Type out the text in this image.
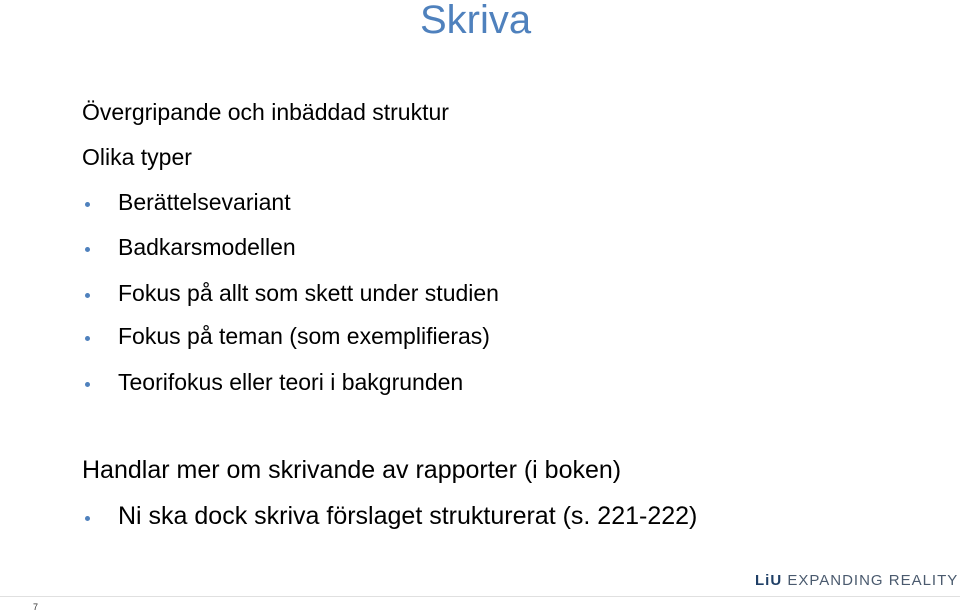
Skriva
Övergripande och inbäddad struktur
Olika typer
Berättelsevariant
Badkarsmodellen
Fokus på allt som skett under studien
Fokus på teman (som exemplifieras)
Teorifokus eller teori i bakgrunden
Handlar mer om skrivande av rapporter (i boken)
Ni ska dock skriva förslaget strukturerat (s. 221-222)
7
LiU EXPANDING REALITY
